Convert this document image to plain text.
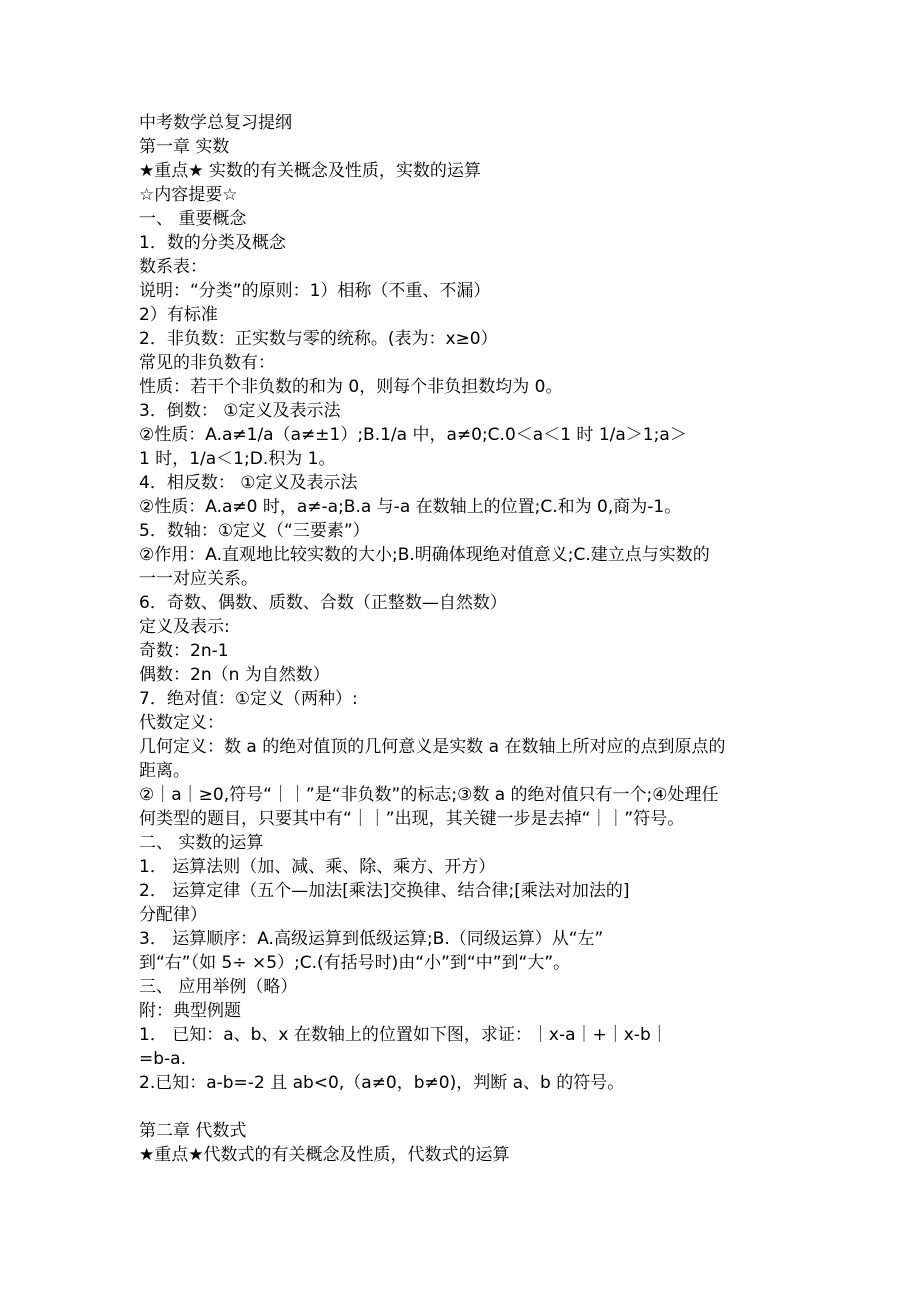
中考数学总复习提纲
第一章 实数
★重点★ 实数的有关概念及性质，实数的运算
☆内容提要☆
一、 重要概念
1．数的分类及概念
数系表：
说明：“分类”的原则：1）相称（不重、不漏）
2）有标准
2．非负数：正实数与零的统称。(表为：x≥0）
常见的非负数有：
性质：若干个非负数的和为 0，则每个非负担数均为 0。
3．倒数： ①定义及表示法
②性质：A.a≠1/a（a≠±1）;B.1/a 中，a≠0;C.0＜a＜1 时 1/a＞1;a＞
1 时，1/a＜1;D.积为 1。
4．相反数： ①定义及表示法
②性质：A.a≠0 时，a≠-a;B.a 与-a 在数轴上的位置;C.和为 0,商为-1。
5．数轴：①定义（“三要素”）
②作用：A.直观地比较实数的大小;B.明确体现绝对值意义;C.建立点与实数的
一一对应关系。
6．奇数、偶数、质数、合数（正整数—自然数）
定义及表示:
奇数：2n-1
偶数：2n（n 为自然数）
7．绝对值：①定义（两种）:
代数定义：
几何定义：数 a 的绝对值顶的几何意义是实数 a 在数轴上所对应的点到原点的
距离。
②｜a｜≥0,符号“｜｜”是“非负数”的标志;③数 a 的绝对值只有一个;④处理任
何类型的题目，只要其中有“｜｜”出现，其关键一步是去掉“｜｜”符号。
二、 实数的运算
1． 运算法则（加、减、乘、除、乘方、开方）
2． 运算定律（五个—加法[乘法]交换律、结合律;[乘法对加法的]
分配律）
3． 运算顺序：A.高级运算到低级运算;B.（同级运算）从“左”
到“右”（如 5÷ ×5）;C.(有括号时)由“小”到“中”到“大”。
三、 应用举例（略）
附：典型例题
1． 已知：a、b、x 在数轴上的位置如下图，求证：｜x-a｜+｜x-b｜
=b-a.
2.已知：a-b=-2 且 ab<0,（a≠0，b≠0)，判断 a、b 的符号。
第二章 代数式
★重点★代数式的有关概念及性质，代数式的运算
